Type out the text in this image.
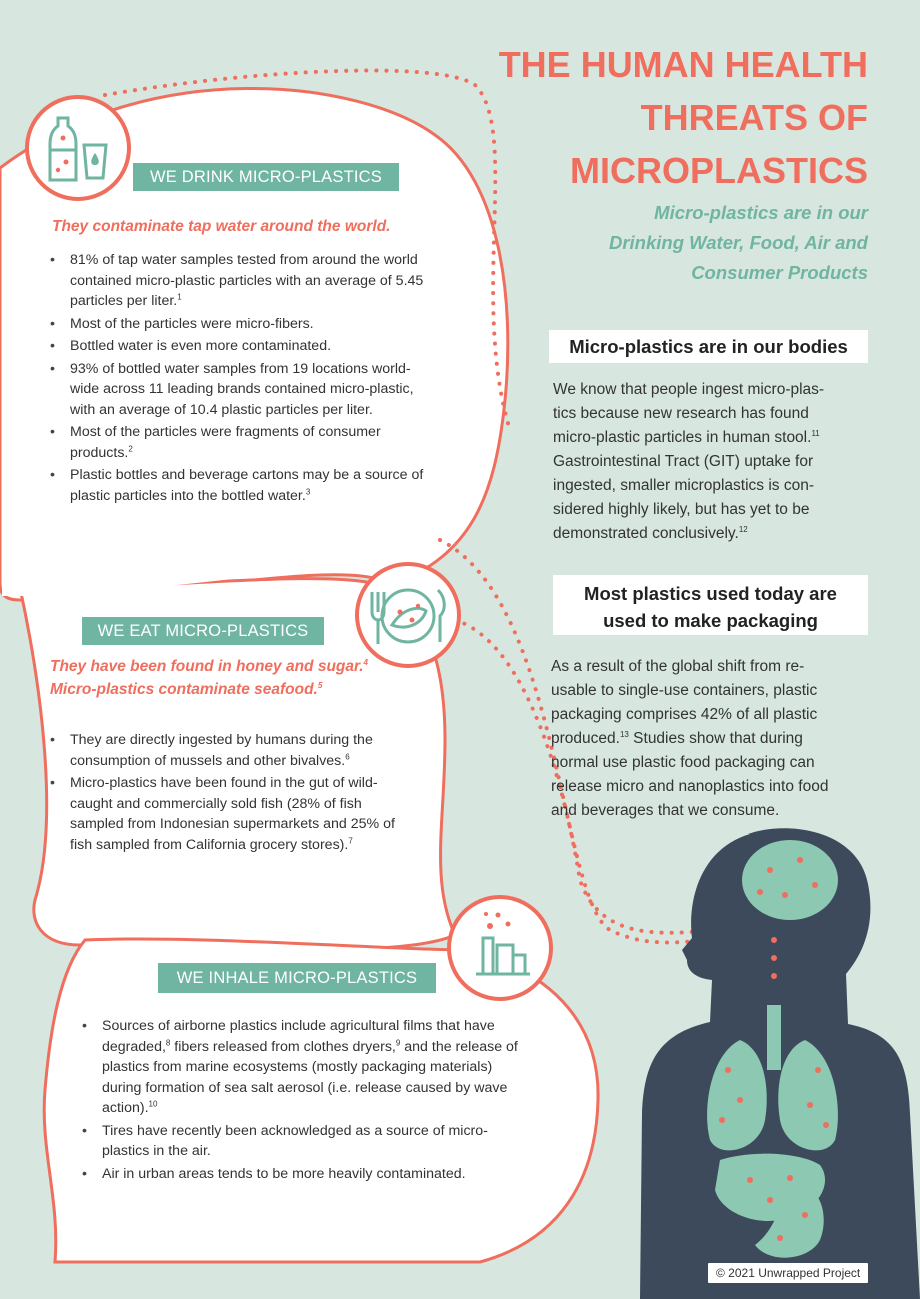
THE HUMAN HEALTH
THREATS OF
MICROPLASTICS
Micro-plastics are in our
Drinking Water, Food, Air and
Consumer Products
Micro-plastics are in our bodies
We know that people ingest micro-plas-
tics because new research has found
micro-plastic particles in human stool.$^{11}$
Gastrointestinal Tract (GIT) uptake for
ingested, smaller microplastics is con-
sidered highly likely, but has yet to be
demonstrated conclusively.$^{12}$
Most plastics used today are
used to make packaging
As a result of the global shift from re-
usable to single-use containers, plastic
packaging comprises 42% of all plastic
produced.$^{13}$ Studies show that during
normal use plastic food packaging can
release micro and nanoplastics into food
and beverages that we consume.
WE DRINK MICRO-PLASTICS

They contaminate tap water around the world.

• 81% of tap water samples tested from around the world contained micro-plastic particles with an average of 5.45 particles per liter.$^1$
• Most of the particles were micro-fibers.
• Bottled water is even more contaminated.
• 93% of bottled water samples from 19 locations world-wide across 11 leading brands contained micro-plastic, with an average of 10.4 plastic particles per liter.
• Most of the particles were fragments of consumer products.$^2$
• Plastic bottles and beverage cartons may be a source of plastic particles into the bottled water.$^3$
WE EAT MICRO-PLASTICS

They have been found in honey and sugar.$^4$ Micro-plastics contaminate seafood.$^5$

• They are directly ingested by humans during the consumption of mussels and other bivalves.$^6$
• Micro-plastics have been found in the gut of wild-caught and commercially sold fish (28% of fish sampled from Indonesian supermarkets and 25% of fish sampled from California grocery stores).$^7$
WE INHALE MICRO-PLASTICS
• Sources of airborne plastics include agricultural films that have degraded,$^8$ fibers released from clothes dryers,$^9$ and the release of plastics from marine ecosystems (mostly packaging materials) during formation of sea salt aerosol (i.e. release caused by wave action).$^{10}$
• Tires have recently been acknowledged as a source of micro-plastics in the air.
• Air in urban areas tends to be more heavily contaminated.
© 2021 Unwrapped Project
